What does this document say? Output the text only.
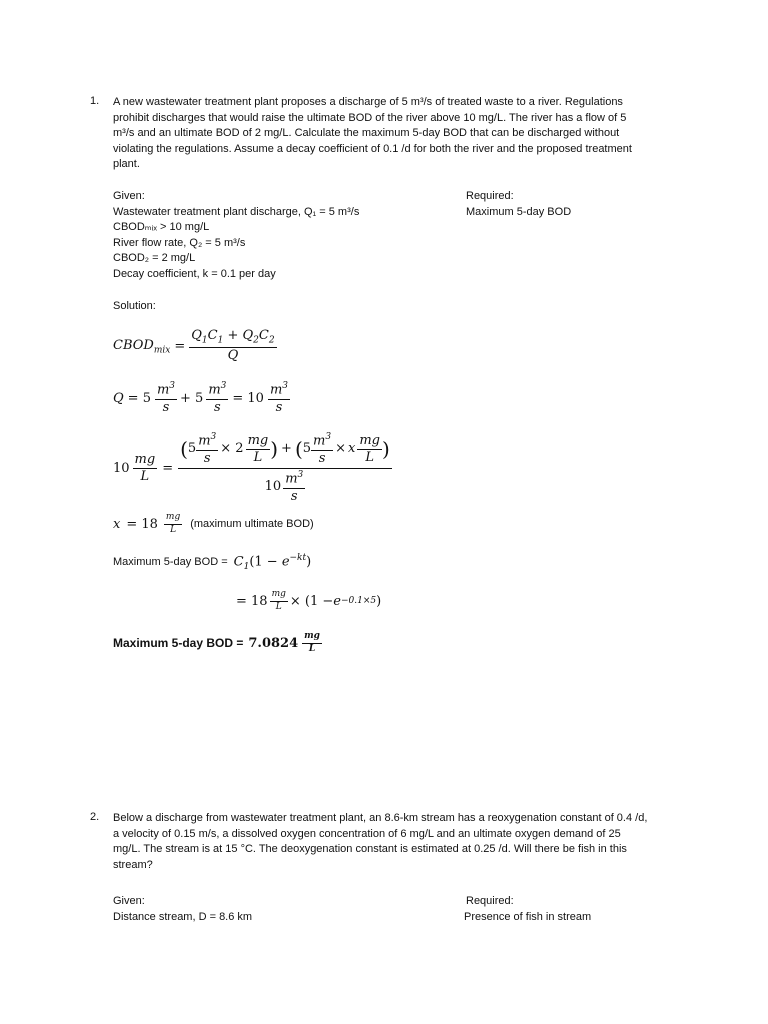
1. A new wastewater treatment plant proposes a discharge of 5 m³/s of treated waste to a river. Regulations
prohibit discharges that would raise the ultimate BOD of the river above 10 mg/L. The river has a flow of 5
m³/s and an ultimate BOD of 2 mg/L. Calculate the maximum 5-day BOD that can be discharged without
violating the regulations. Assume a decay coefficient of 0.1 /d for both the river and the proposed treatment
plant.
Given:
Wastewater treatment plant discharge, Q₁ = 5 m³/s
CBODₘᵢₓ > 10 mg/L
River flow rate, Q₂ = 5 m³/s
CBOD₂ = 2 mg/L
Decay coefficient, k = 0.1 per day
Required:
Maximum 5-day BOD
Solution:
$CBOD_{mix} = \frac{Q_1C_1 + Q_2C_2}{Q}$
$Q = 5 \frac{m^3}{s} + 5 \frac{m^3}{s} = 10 \frac{m^3}{s}$
$10 \frac{mg}{L}$ =
( $5 \frac{m^3}{s} \times 2 \frac{mg}{L}$ ) + ( $5 \frac{m^3}{s} \times x \frac{mg}{L}$ )
$10 \frac{m^3}{s}$
$x = 18 \frac{mg}{L}$ (maximum ultimate BOD)
Maximum 5-day BOD = $C_1(1 - e^{-kt})$
= $18 \frac{mg}{L} \times (1 - e -0.1\times 5$ )
Maximum 5-day BOD = $7.0824 \frac{mg}{L}$
2. Below a discharge from wastewater treatment plant, an 8.6-km stream has a reoxygenation constant of 0.4 /d,
a velocity of 0.15 m/s, a dissolved oxygen concentration of 6 mg/L and an ultimate oxygen demand of 25
mg/L. The stream is at 15 °C. The deoxygenation constant is estimated at 0.25 /d. Will there be fish in this
stream?
Given:
Distance stream, D = 8.6 km
Required:
Presence of fish in stream
